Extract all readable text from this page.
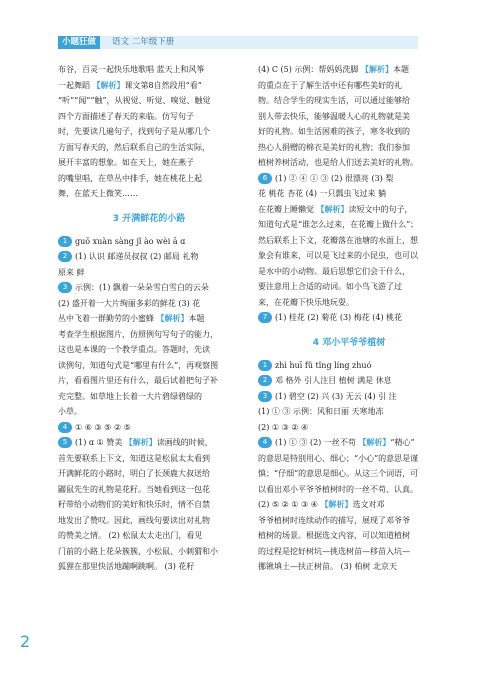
小题狂做	语文 二年级下册
布谷，百灵一起快乐地歌唱 蓝天上和风筝
一起舞蹈 【解析】课文第8自然段用“看”
“听”“闻”“触”，从视觉、听觉、嗅觉、触觉
四个方面描述了春天的来临。仿写句子
时，先要读几遍句子，找到句子是从哪几个
方面写春天的，然后联系自己的生活实际，
展开丰富的想象。如在天上，她在燕子
的嘴里唱，在草丛中排手，她在桃花上起
舞，在蓝天上微笑……
3 开满鲜花的小路
1 guō xuàn sàng jǐ ào wèi ā ɑ
2 (1) 认识 邮递员叔叔 (2) 邮局 礼物
原来 鲜
3 示例：(1) 飘着一朵朵雪白雪白的云朵
(2) 盛开着一大片绚丽多彩的鲜花 (3) 花
丛中飞着一群勤劳的小蜜蜂 【解析】本题
考查学生根据图片，仿照例句写句子的能力，
这也是本课的一个教学重点。答题时，先读
读例句，知道句式是“哪里有什么”，再观察图
片，看看图片里还有什么，最后试着把句子补
充完整。如草地上长着一大片碧绿碧绿的
小草。
4 ① ⑥ ③ ⑤ ② ⑤
5 (1) ɑ ① 赞美 【解析】读画线的时候，
首先要联系上下文，知道这是松鼠太太看到
开满鲜花的小路时，明白了长颈鹿大叔送给
鼹鼠先生的礼物是花籽。当她看到这一包花
籽带给小动物们的美好和快乐时，情不自禁
地发出了赞叹。因此，画线句要读出对礼物
的赞美之情。 (2) 松鼠太太走出门，看见
门前的小路上花朵簇簇，小松鼠、小刺猬和小
狐狸在那里快活地蹦啊跳啊。 (3) 花籽
(4) C (5) 示例：帮妈妈洗脚 【解析】本题
的重点在于了解生活中还有哪些美好的礼
物。结合学生的现实生活，可以通过能够给
别人带去快乐，能够温暖人心的礼物就是美
好的礼物。如生活困难的孩子，寒冬收到的
热心人捐赠的棉衣是美好的礼物；我们参加
植树养树活动，也是给人们送去美好的礼物。
6 (1) ② ④ ① ③ (2) 很漂亮 (3) 梨
花 桃花 杏花 (4) 一只瓢虫飞过来 躺
在花瓣上睡懒觉 【解析】读短文中的句子，
知道句式是“谁怎么过来，在花瓣上做什么”；
然后联系上下文，花瓣落在池塘的水面上，想
象会有谁来，可以是飞过来的小昆虫，也可以
是水中的小动物。最后思想它们会干什么，
要注意用上合适的动词。如小鸟飞游了过
来，在花瓣下快乐地玩耍。
7 (1) 桂花 (2) 菊花 (3) 梅花 (4) 桃花
4 邓小平爷爷植树
1 zhì huī fǔ tǐng líng zhuó
2 邓 格外 引人注目 植树 满是 休息
3 (1) 碧空 (2) 兴 (3) 无云 (4) 引 注
(1) ① ③ 示例：风和日丽 天寒地冻
(2) ① ③ ② ④
4 (1) ① ③ (2) 一丝不苟 【解析】“精心”
的意思是特别用心、细心；“小心”的意思是谨
慎；“仔细”的意思是细心。从这三个词语，可
以看出邓小平爷爷植树时的一丝不苟、认真。
(2) ⑤ ② ① ③ ④ 【解析】选文对邓
爷爷植树时连续动作的描写，展现了邓爷爷
植树的场景。根据选文内容，可以知道植树
的过程是挖好树坑—挑选树苗—移苗入坑—
挪锹填土—扶正树苗。 (3) 柏树 北京天
2
